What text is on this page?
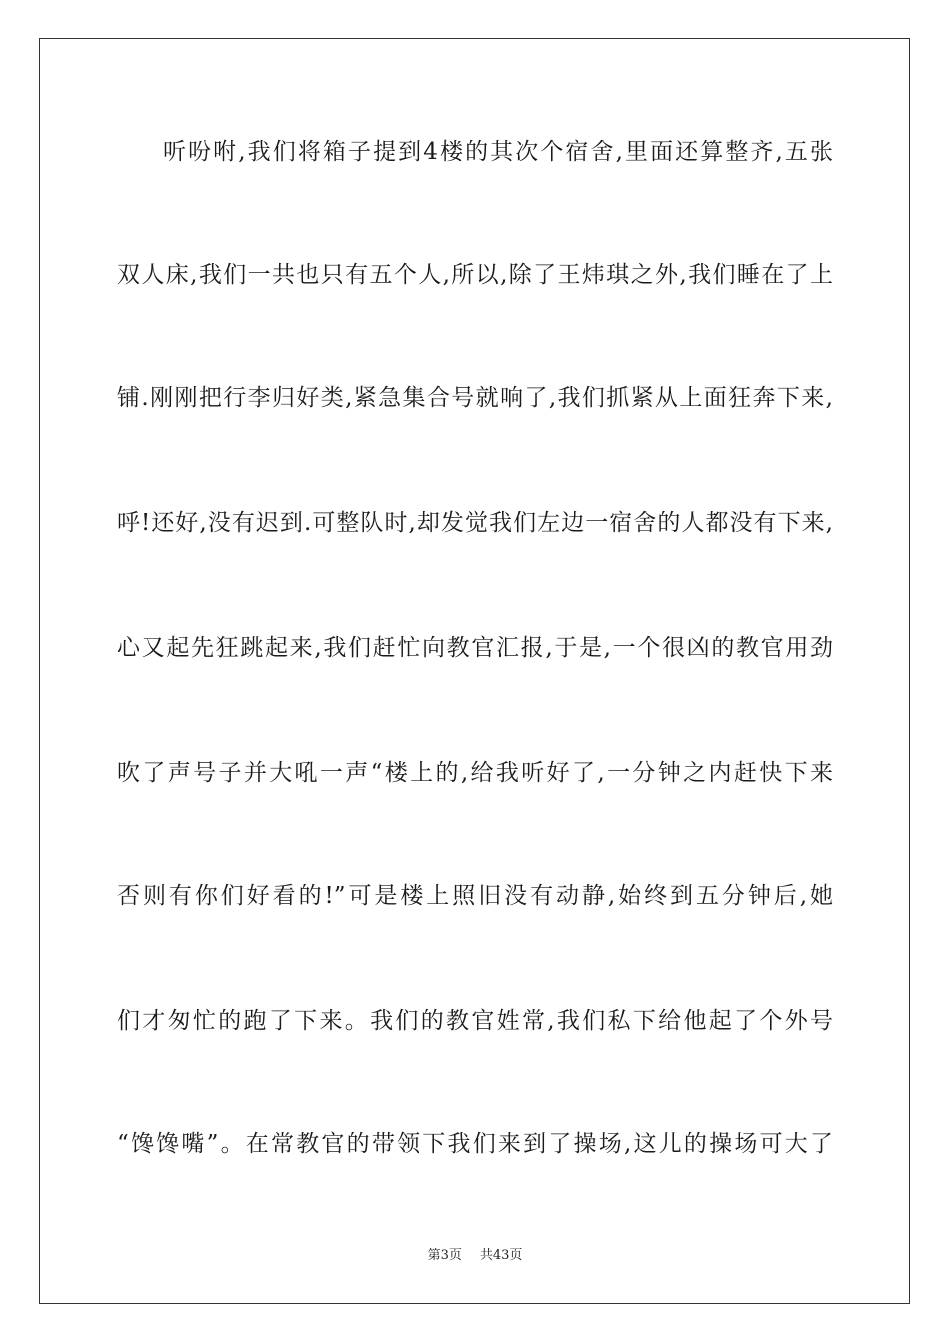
听吩咐,我们将箱子提到4楼的其次个宿舍,里面还算整齐,五张
双人床,我们一共也只有五个人,所以,除了王炜琪之外,我们睡在了上
铺.刚刚把行李归好类,紧急集合号就响了,我们抓紧从上面狂奔下来,
呼!还好,没有迟到.可整队时,却发觉我们左边一宿舍的人都没有下来,
心又起先狂跳起来,我们赶忙向教官汇报,于是,一个很凶的教官用劲
吹了声号子并大吼一声“楼上的,给我听好了,一分钟之内赶快下来
否则有你们好看的!”可是楼上照旧没有动静,始终到五分钟后,她
们才匆忙的跑了下来。我们的教官姓常,我们私下给他起了个外号
“馋馋嘴”。在常教官的带领下我们来到了操场,这儿的操场可大了
第3页 共43页
